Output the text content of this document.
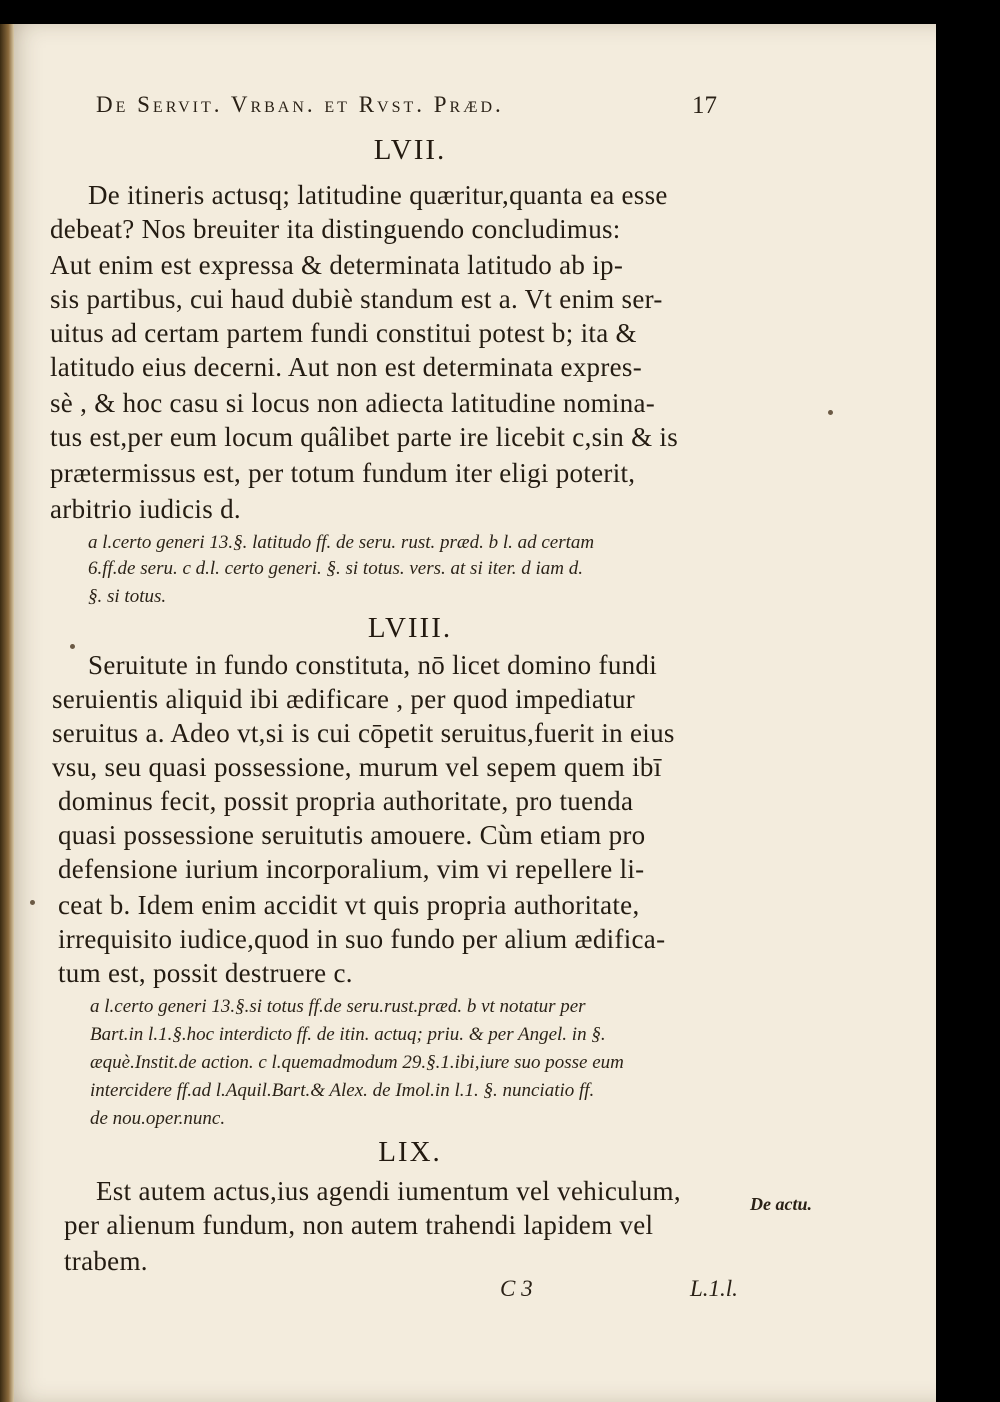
De Servit. Vrban. et Rvst. Præd.	17
LVII.
De itineris actusq; latitudine quæritur,quanta ea esse
debeat? Nos breuiter ita distinguendo concludimus:
Aut enim est expressa & determinata latitudo ab ip-
sis partibus, cui haud dubiè standum est a. Vt enim ser-
uitus ad certam partem fundi constitui potest b; ita &
latitudo eius decerni. Aut non est determinata expres-
sè , & hoc casu si locus non adiecta latitudine nomina-
tus est,per eum locum quâlibet parte ire licebit c,sin & is
prætermissus est, per totum fundum iter eligi poterit,
arbitrio iudicis d.
a l.certo generi 13.§. latitudo ff. de seru. rust. præd. b l. ad certam
6.ff.de seru. c d.l. certo generi. §. si totus. vers. at si iter. d iam d.
§. si totus.
LVIII.
Seruitute in fundo constituta, nō licet domino fundi
seruientis aliquid ibi ædificare , per quod impediatur
seruitus a. Adeo vt,si is cui cōpetit seruitus,fuerit in eius
vsu, seu quasi possessione, murum vel sepem quem ibī
dominus fecit, possit propria authoritate, pro tuenda
quasi possessione seruitutis amouere. Cùm etiam pro
defensione iurium incorporalium, vim vi repellere li-
ceat b. Idem enim accidit vt quis propria authoritate,
irrequisito iudice,quod in suo fundo per alium ædifica-
tum est, possit destruere c.
a l.certo generi 13.§.si totus ff.de seru.rust.præd. b vt notatur per
Bart.in l.1.§.hoc interdicto ff. de itin. actuq; priu. & per Angel. in §.
æquè.Instit.de action. c l.quemadmodum 29.§.1.ibi,iure suo posse eum
intercidere ff.ad l.Aquil.Bart.& Alex. de Imol.in l.1. §. nunciatio ff.
de nou.oper.nunc.
LIX.
Est autem actus,ius agendi iumentum vel vehiculum,
per alienum fundum, non autem trahendi lapidem vel
trabem.
De actu.
C 3	L.1.l.
